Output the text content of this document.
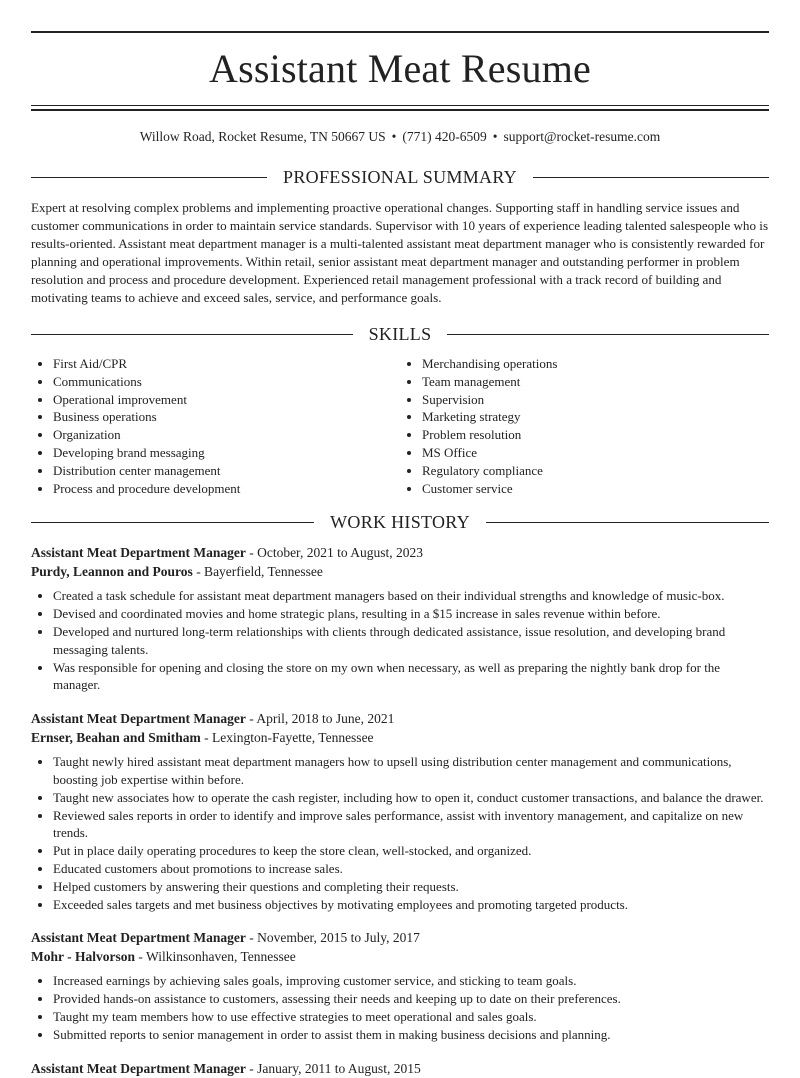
Assistant Meat Resume
Willow Road, Rocket Resume, TN 50667 US • (771) 420-6509 • support@rocket-resume.com
PROFESSIONAL SUMMARY
Expert at resolving complex problems and implementing proactive operational changes. Supporting staff in handling service issues and customer communications in order to maintain service standards. Supervisor with 10 years of experience leading talented salespeople who is results-oriented. Assistant meat department manager is a multi-talented assistant meat department manager who is consistently rewarded for planning and operational improvements. Within retail, senior assistant meat department manager and outstanding performer in problem resolution and process and procedure development. Experienced retail management professional with a track record of building and motivating teams to achieve and exceed sales, service, and performance goals.
SKILLS
• First Aid/CPR
• Communications
• Operational improvement
• Business operations
• Organization
• Developing brand messaging
• Distribution center management
• Process and procedure development
• Merchandising operations
• Team management
• Supervision
• Marketing strategy
• Problem resolution
• MS Office
• Regulatory compliance
• Customer service
WORK HISTORY
Assistant Meat Department Manager - October, 2021 to August, 2023
Purdy, Leannon and Pouros - Bayerfield, Tennessee
• Created a task schedule for assistant meat department managers based on their individual strengths and knowledge of music-box.
• Devised and coordinated movies and home strategic plans, resulting in a $15 increase in sales revenue within before.
• Developed and nurtured long-term relationships with clients through dedicated assistance, issue resolution, and developing brand messaging talents.
• Was responsible for opening and closing the store on my own when necessary, as well as preparing the nightly bank drop for the manager.
Assistant Meat Department Manager - April, 2018 to June, 2021
Ernser, Beahan and Smitham - Lexington-Fayette, Tennessee
• Taught newly hired assistant meat department managers how to upsell using distribution center management and communications, boosting job expertise within before.
• Taught new associates how to operate the cash register, including how to open it, conduct customer transactions, and balance the drawer.
• Reviewed sales reports in order to identify and improve sales performance, assist with inventory management, and capitalize on new trends.
• Put in place daily operating procedures to keep the store clean, well-stocked, and organized.
• Educated customers about promotions to increase sales.
• Helped customers by answering their questions and completing their requests.
• Exceeded sales targets and met business objectives by motivating employees and promoting targeted products.
Assistant Meat Department Manager - November, 2015 to July, 2017
Mohr - Halvorson - Wilkinsonhaven, Tennessee
• Increased earnings by achieving sales goals, improving customer service, and sticking to team goals.
• Provided hands-on assistance to customers, assessing their needs and keeping up to date on their preferences.
• Taught my team members how to use effective strategies to meet operational and sales goals.
• Submitted reports to senior management in order to assist them in making business decisions and planning.
Assistant Meat Department Manager - January, 2011 to August, 2015
